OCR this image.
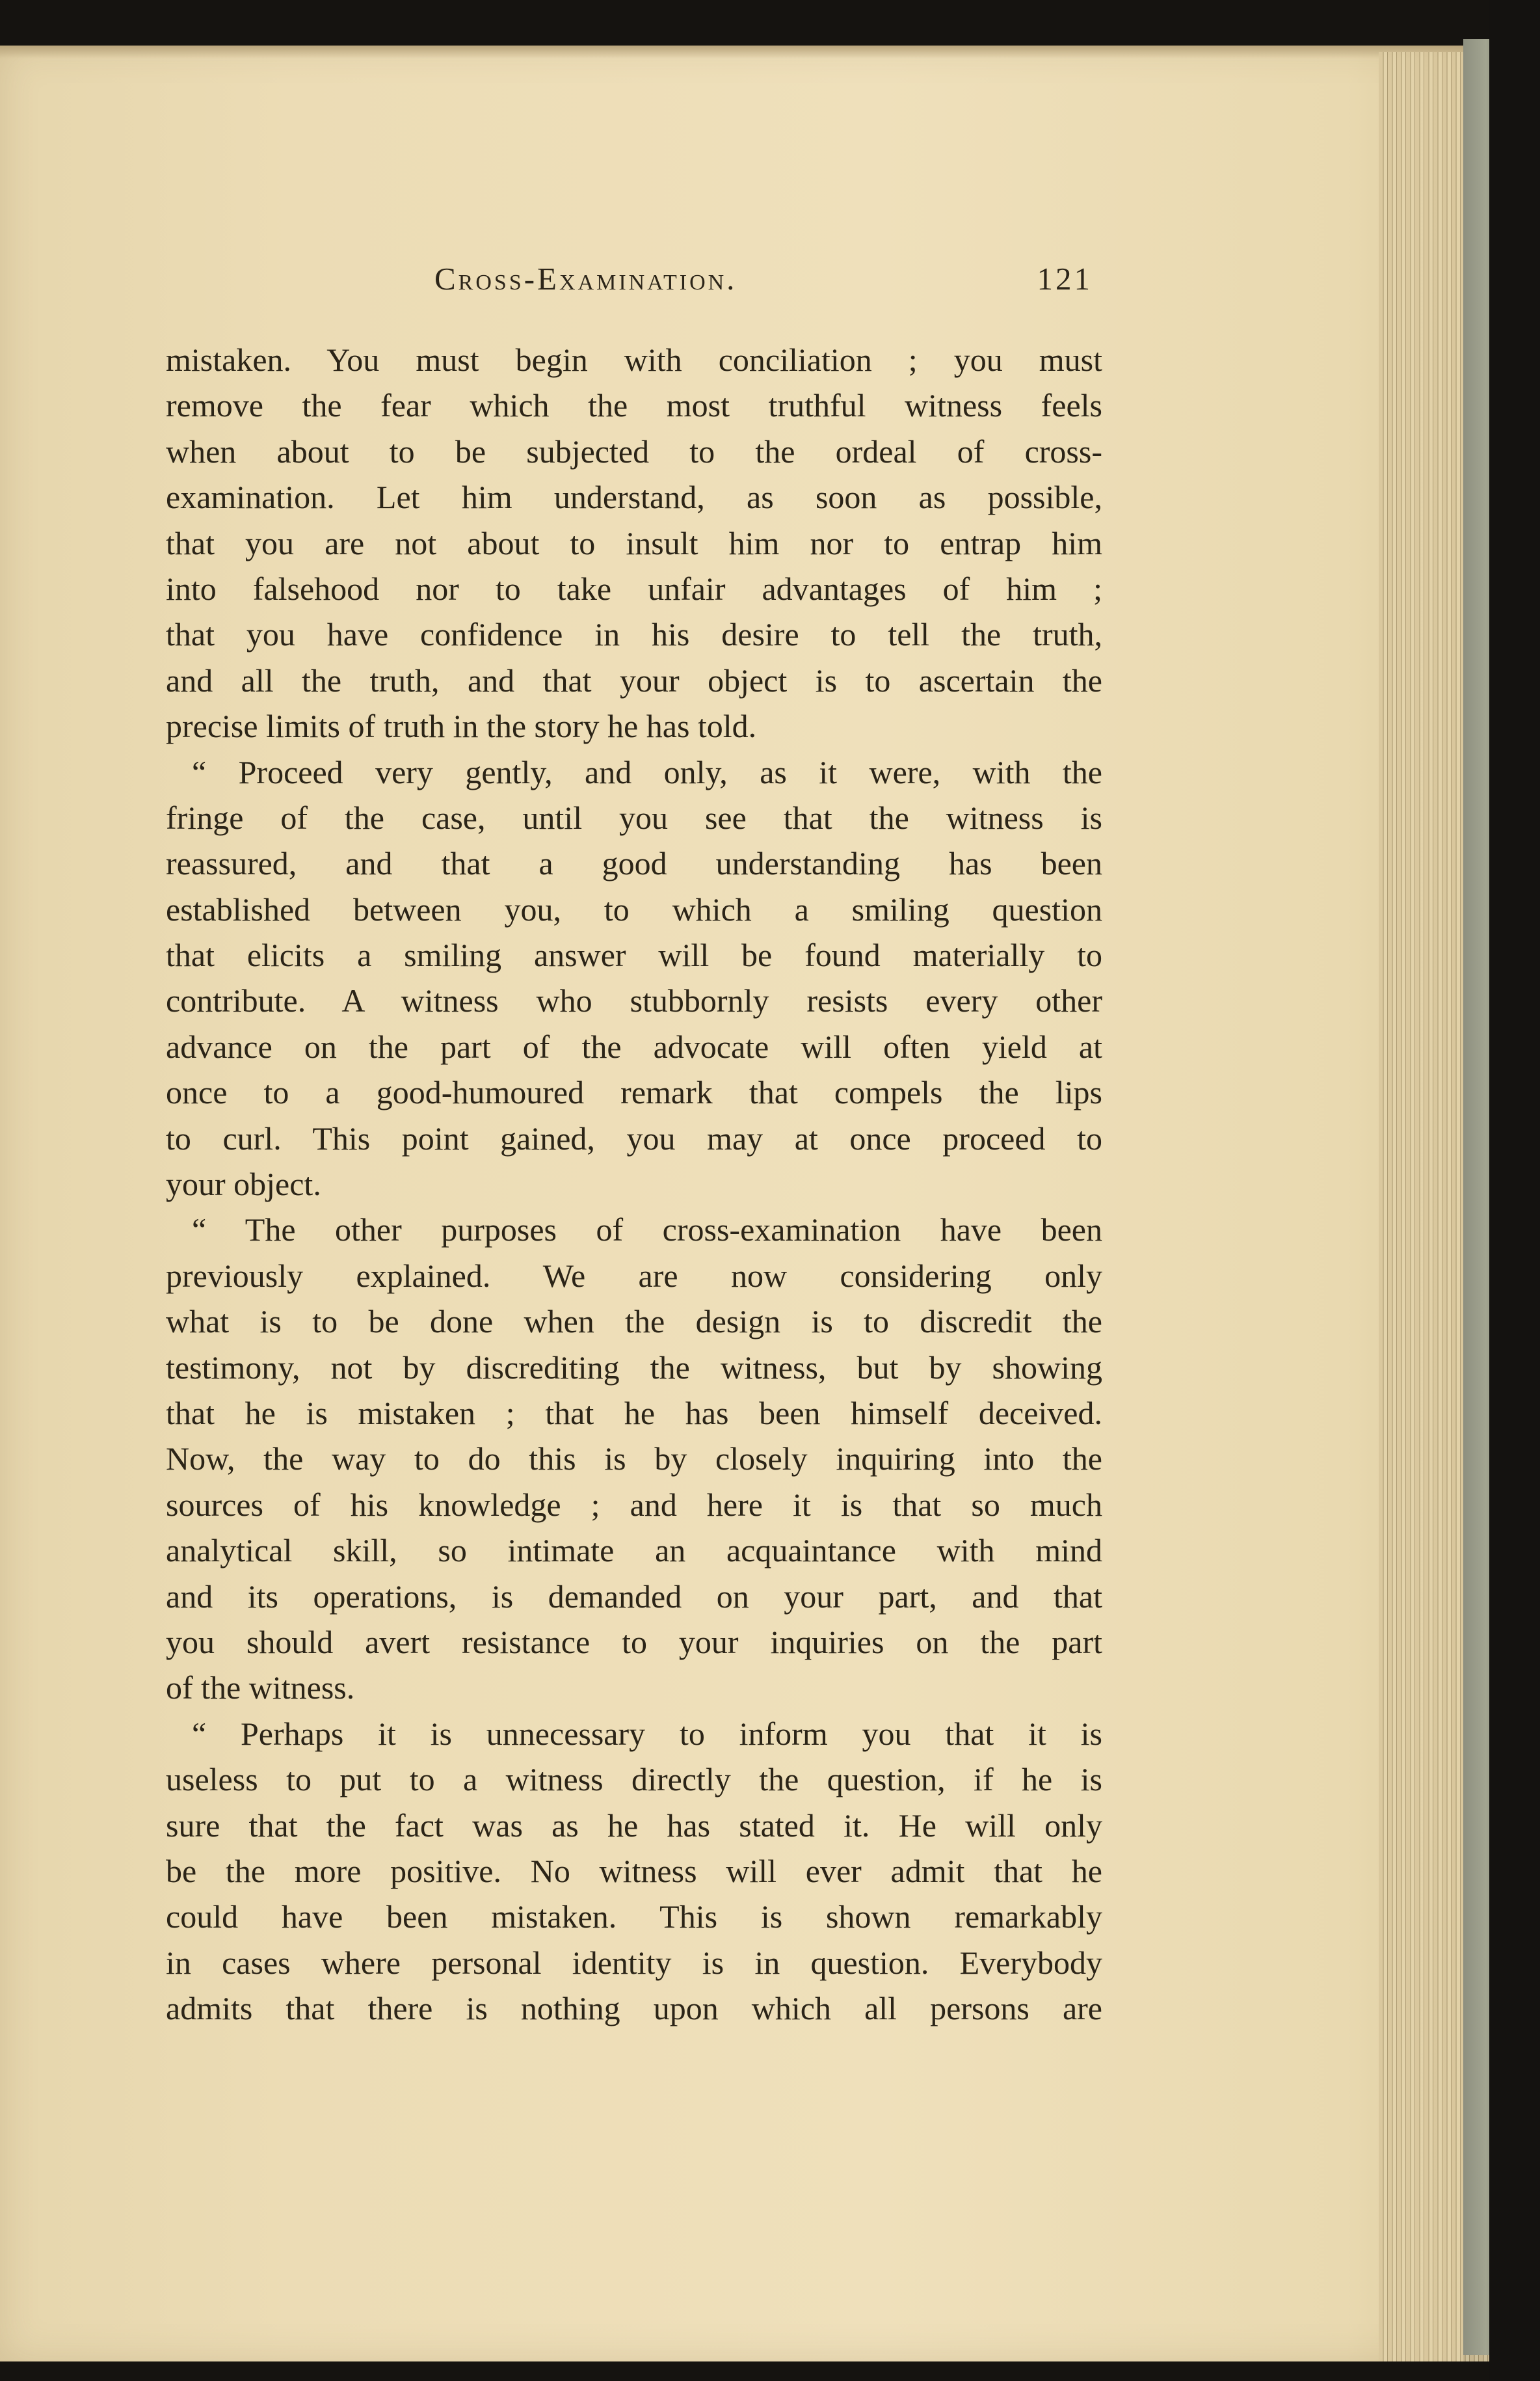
Cross-Examination.	121
mistaken. You must begin with conciliation ; you must
remove the fear which the most truthful witness feels
when about to be subjected to the ordeal of cross-
examination. Let him understand, as soon as possible,
that you are not about to insult him nor to entrap him
into falsehood nor to take unfair advantages of him ;
that you have confidence in his desire to tell the truth,
and all the truth, and that your object is to ascertain the
precise limits of truth in the story he has told.
“ Proceed very gently, and only, as it were, with the
fringe of the case, until you see that the witness is
reassured, and that a good understanding has been
established between you, to which a smiling question
that elicits a smiling answer will be found materially to
contribute. A witness who stubbornly resists every other
advance on the part of the advocate will often yield at
once to a good-humoured remark that compels the lips
to curl. This point gained, you may at once proceed to
your object.
“ The other purposes of cross-examination have been
previously explained. We are now considering only
what is to be done when the design is to discredit the
testimony, not by discrediting the witness, but by showing
that he is mistaken ; that he has been himself deceived.
Now, the way to do this is by closely inquiring into the
sources of his knowledge ; and here it is that so much
analytical skill, so intimate an acquaintance with mind
and its operations, is demanded on your part, and that
you should avert resistance to your inquiries on the part
of the witness.
“ Perhaps it is unnecessary to inform you that it is
useless to put to a witness directly the question, if he is
sure that the fact was as he has stated it. He will only
be the more positive. No witness will ever admit that he
could have been mistaken. This is shown remarkably
in cases where personal identity is in question. Everybody
admits that there is nothing upon which all persons are
